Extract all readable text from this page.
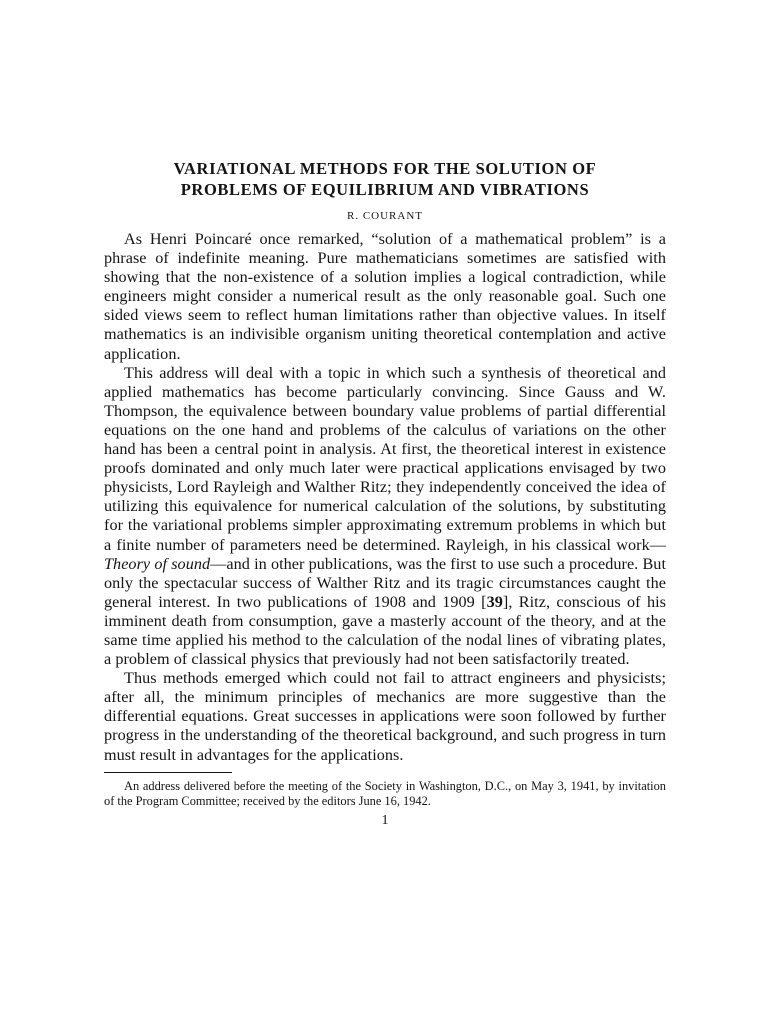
VARIATIONAL METHODS FOR THE SOLUTION OF
PROBLEMS OF EQUILIBRIUM AND VIBRATIONS
R. COURANT

As Henri Poincaré once remarked, “solution of a mathematical problem” is a phrase of indefinite meaning. Pure mathematicians sometimes are satisfied with showing that the non-existence of a solution implies a logical contradiction, while engineers might consider a numerical result as the only reasonable goal. Such one sided views seem to reflect human limitations rather than objective values. In itself mathematics is an indivisible organism uniting theoretical contemplation and active application.

This address will deal with a topic in which such a synthesis of theoretical and applied mathematics has become particularly convincing. Since Gauss and W. Thompson, the equivalence between boundary value problems of partial differential equations on the one hand and problems of the calculus of variations on the other hand has been a central point in analysis. At first, the theoretical interest in existence proofs dominated and only much later were practical applications envisaged by two physicists, Lord Rayleigh and Walther Ritz; they independently conceived the idea of utilizing this equivalence for numerical calculation of the solutions, by substituting for the variational problems simpler approximating extremum problems in which but a finite number of parameters need be determined. Rayleigh, in his classical work—Theory of sound—and in other publications, was the first to use such a procedure. But only the spectacular success of Walther Ritz and its tragic circumstances caught the general interest. In two publications of 1908 and 1909 [39], Ritz, conscious of his imminent death from consumption, gave a masterly account of the theory, and at the same time applied his method to the calculation of the nodal lines of vibrating plates, a problem of classical physics that previously had not been satisfactorily treated.

Thus methods emerged which could not fail to attract engineers and physicists; after all, the minimum principles of mechanics are more suggestive than the differential equations. Great successes in applications were soon followed by further progress in the understanding of the theoretical background, and such progress in turn must result in advantages for the applications.

An address delivered before the meeting of the Society in Washington, D.C., on May 3, 1941, by invitation of the Program Committee; received by the editors June 16, 1942.

1
